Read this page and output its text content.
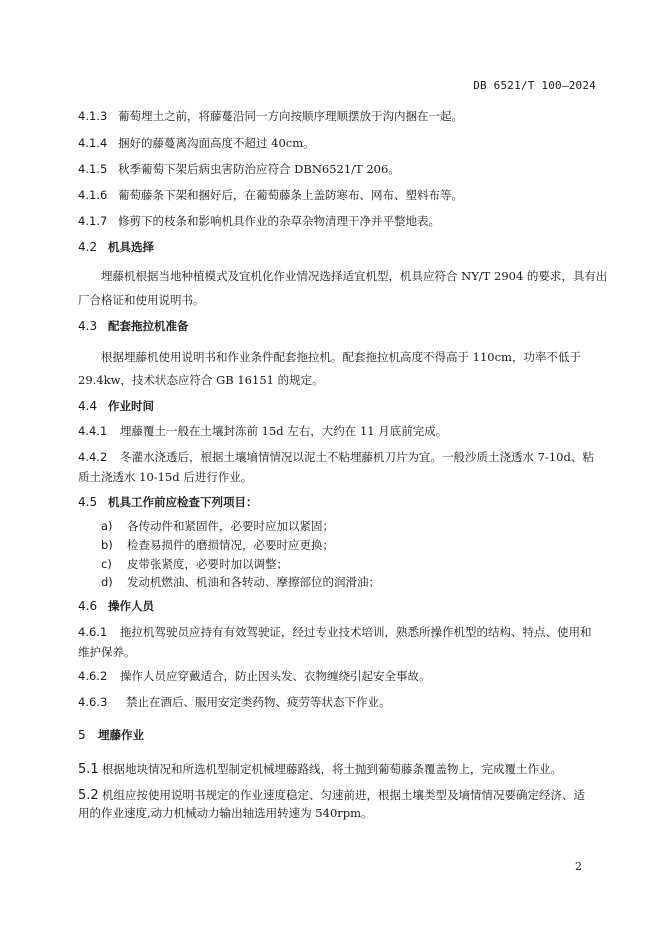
DB 6521/T 100—2024
4.1.3 葡萄埋土之前，将藤蔓沿同一方向按顺序理顺摆放于沟内捆在一起。
4.1.4 捆好的藤蔓离沟面高度不超过 40cm。
4.1.5 秋季葡萄下架后病虫害防治应符合 DBN6521/T 206。
4.1.6 葡萄藤条下架和捆好后，在葡萄藤条上盖防寒布、网布、塑料布等。
4.1.7 修剪下的枝条和影响机具作业的杂草杂物清理干净并平整地表。
4.2 机具选择
埋藤机根据当地种植模式及宜机化作业情况选择适宜机型，机具应符合 NY/T 2904 的要求，具有出
厂合格证和使用说明书。
4.3 配套拖拉机准备
根据埋藤机使用说明书和作业条件配套拖拉机。配套拖拉机高度不得高于 110cm，功率不低于
29.4kw，技术状态应符合 GB 16151 的规定。
4.4 作业时间
4.4.1 埋藤覆土一般在土壤封冻前 15d 左右，大约在 11 月底前完成。
4.4.2 冬灌水浇透后，根据土壤墒情情况以泥土不粘埋藤机刀片为宜。一般沙质土浇透水 7-10d、粘
质土浇透水 10-15d 后进行作业。
4.5 机具工作前应检查下列项目：
a) 各传动件和紧固件，必要时应加以紧固；
b) 检查易损件的磨损情况，必要时应更换；
c) 皮带张紧度，必要时加以调整；
d) 发动机燃油、机油和各转动、摩擦部位的润滑油；
4.6 操作人员
4.6.1 拖拉机驾驶员应持有有效驾驶证，经过专业技术培训，熟悉所操作机型的结构、特点、使用和
维护保养。
4.6.2 操作人员应穿戴适合，防止因头发、衣物缠绕引起安全事故。
4.6.3 禁止在酒后、服用安定类药物、疲劳等状态下作业。
5 埋藤作业
5.1 根据地块情况和所选机型制定机械埋藤路线，将土抛到葡萄藤条覆盖物上，完成覆土作业。
5.2 机组应按使用说明书规定的作业速度稳定、匀速前进，根据土壤类型及墒情情况要确定经济、适
用的作业速度,动力机械动力输出轴选用转速为 540rpm。
2
